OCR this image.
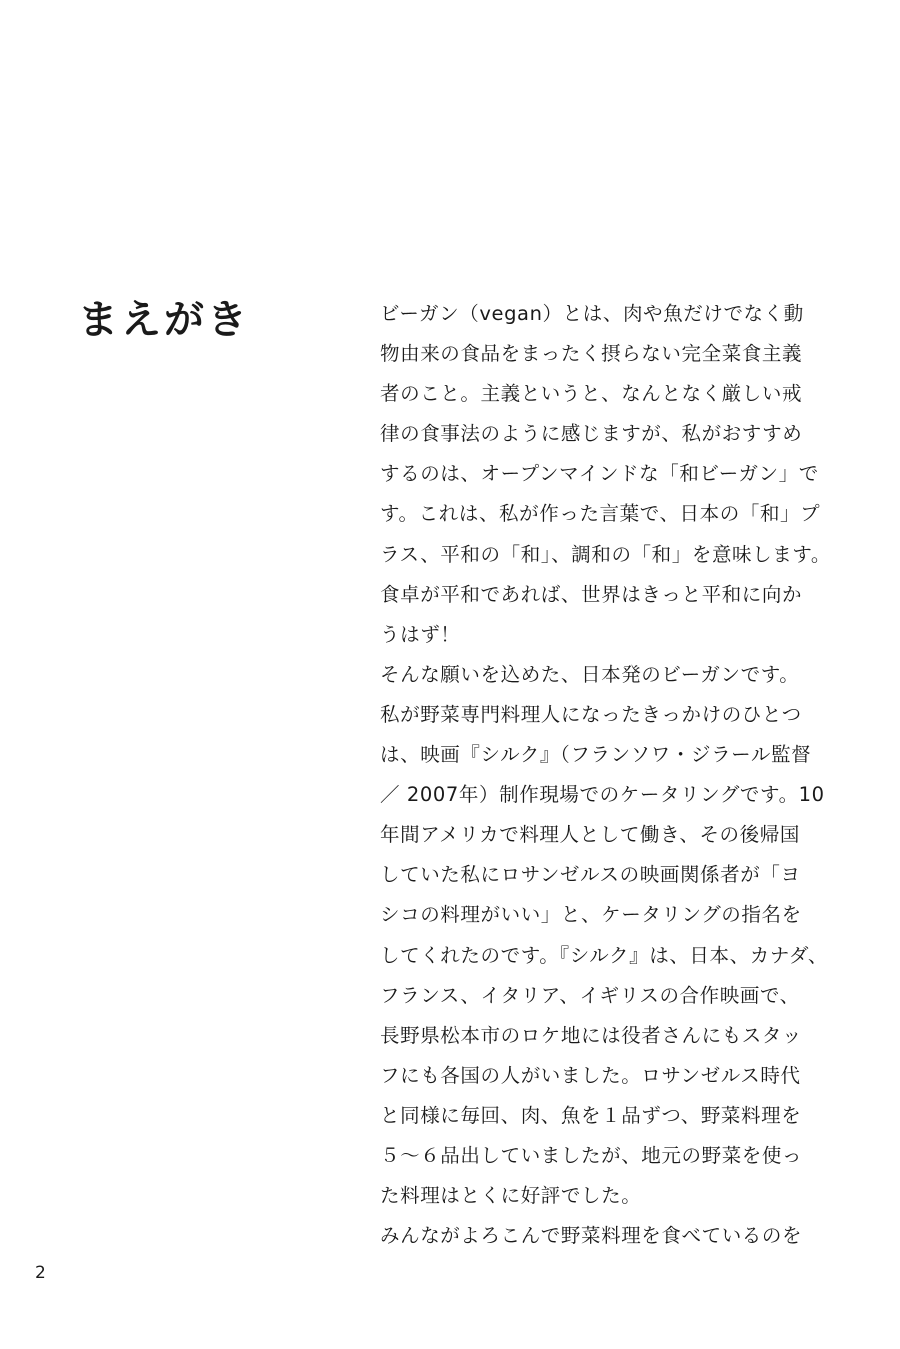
まえがき	ビーガン（vegan）とは、肉や魚だけでなく動
物由来の食品をまったく摂らない完全菜食主義
者のこと。主義というと、なんとなく厳しい戒
律の食事法のように感じますが、私がおすすめ
するのは、オープンマインドな「和ビーガン」で
す。これは、私が作った言葉で、日本の「和」プ
ラス、平和の「和」、調和の「和」を意味します。
食卓が平和であれば、世界はきっと平和に向か
うはず！
そんな願いを込めた、日本発のビーガンです。
私が野菜専門料理人になったきっかけのひとつ
は、映画『シルク』（フランソワ・ジラール監督
／ 2007年）制作現場でのケータリングです。10
年間アメリカで料理人として働き、その後帰国
していた私にロサンゼルスの映画関係者が「ヨ
シコの料理がいい」と、ケータリングの指名を
してくれたのです。『シルク』は、日本、カナダ、
フランス、イタリア、イギリスの合作映画で、
長野県松本市のロケ地には役者さんにもスタッ
フにも各国の人がいました。ロサンゼルス時代
と同様に毎回、肉、魚を１品ずつ、野菜料理を
５～６品出していましたが、地元の野菜を使っ
た料理はとくに好評でした。
みんながよろこんで野菜料理を食べているのを
2
